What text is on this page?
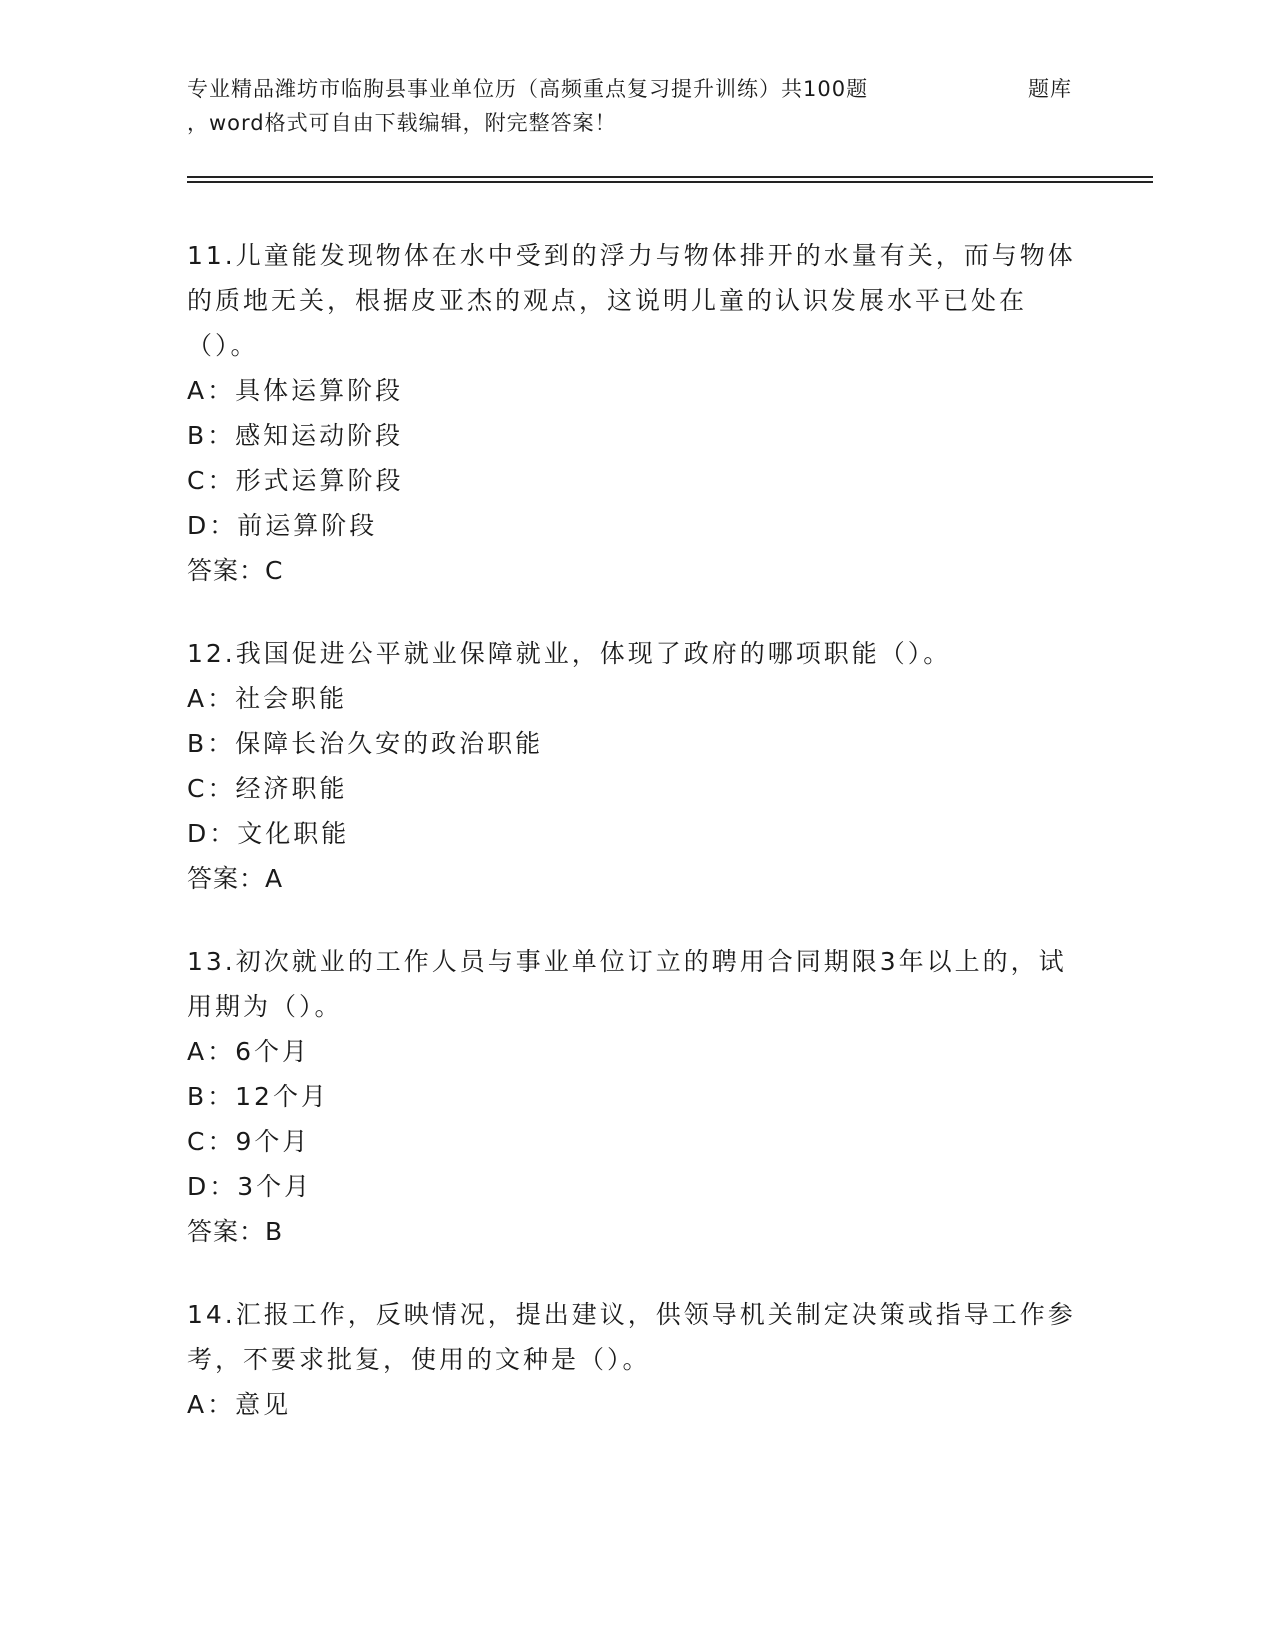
专业精品潍坊市临朐县事业单位历（高频重点复习提升训练）共100题
，word格式可自由下载编辑，附完整答案！
题库
11.儿童能发现物体在水中受到的浮力与物体排开的水量有关，而与物体的质地无关，根据皮亚杰的观点，这说明儿童的认识发展水平已处在（）。
A：具体运算阶段
B：感知运动阶段
C：形式运算阶段
D：前运算阶段
答案：C
12.我国促进公平就业保障就业，体现了政府的哪项职能（）。
A：社会职能
B：保障长治久安的政治职能
C：经济职能
D：文化职能
答案：A
13.初次就业的工作人员与事业单位订立的聘用合同期限3年以上的，试用期为（）。
A：6个月
B：12个月
C：9个月
D：3个月
答案：B
14.汇报工作，反映情况，提出建议，供领导机关制定决策或指导工作参考，不要求批复，使用的文种是（）。
A：意见
